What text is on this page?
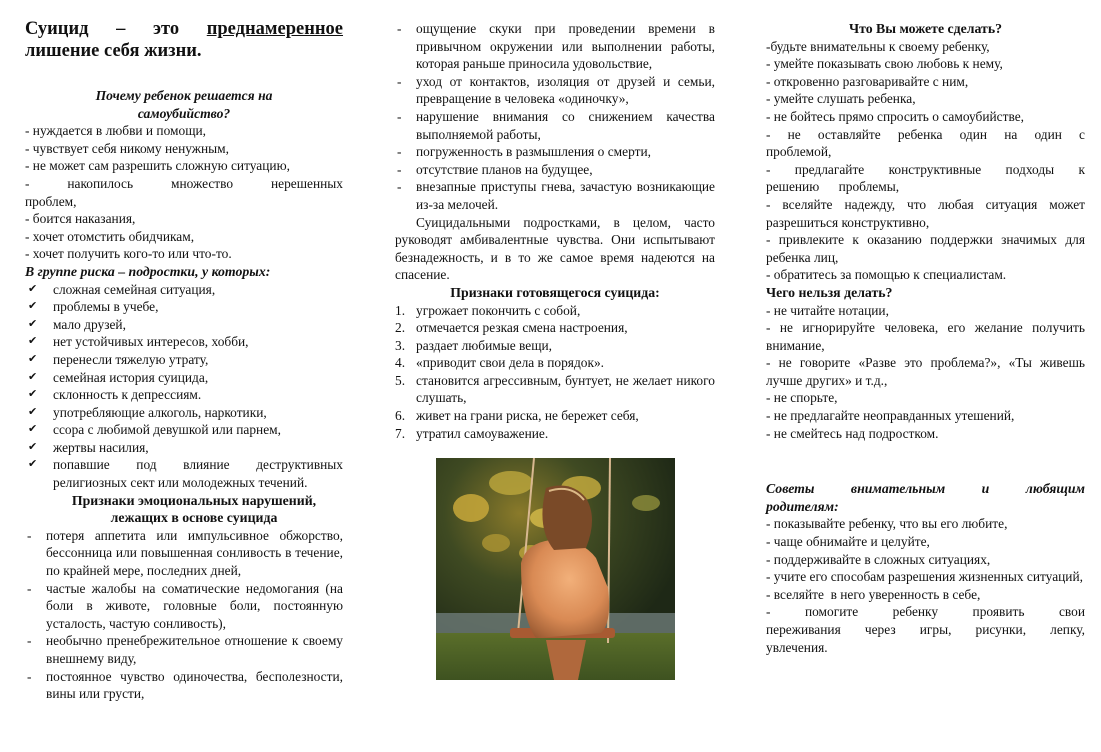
Суицид – это преднамеренное
лишение себя жизни.
Почему ребенок решается на
самоубийство?
- нуждается в любви и помощи,
- чувствует себя никому ненужным,
- не может сам разрешить сложную ситуацию,
- накопилось множество нерешенных проблем,
- боится наказания,
- хочет отомстить обидчикам,
- хочет получить кого-то или что-то.
В группе риска – подростки, у которых:
✔ сложная семейная ситуация,
✔ проблемы в учебе,
✔ мало друзей,
✔ нет устойчивых интересов, хобби,
✔ перенесли тяжелую утрату,
✔ семейная история суицида,
✔ склонность к депрессиям.
✔ употребляющие алкоголь, наркотики,
✔ ссора с любимой девушкой или парнем,
✔ жертвы насилия,
✔ попавшие под влияние деструктивных религиозных сект или молодежных течений.
Признаки эмоциональных нарушений,
лежащих в основе суицида
- потеря аппетита или импульсивное обжорство, бессонница или повышенная сонливость в течение, по крайней мере, последних дней,
- частые жалобы на соматические недомогания (на боли в животе, головные боли, постоянную усталость, частую сонливость),
- необычно пренебрежительное отношение к своему внешнему виду,
- постоянное чувство одиночества, бесполезности, вины или грусти,
- ощущение скуки при проведении времени в привычном окружении или выполнении работы, которая раньше приносила удовольствие,
- уход от контактов, изоляция от друзей и семьи, превращение в человека «одиночку»,
- нарушение внимания со снижением качества выполняемой работы,
- погруженность в размышления о смерти,
- отсутствие планов на будущее,
- внезапные приступы гнева, зачастую возникающие из-за мелочей.

Суицидальными подростками, в целом, часто руководят амбивалентные чувства. Они испытывают безнадежность, и в то же самое время надеются на спасение.

Признаки готовящегося суицида:
1. угрожает покончить с собой,
2. отмечается резкая смена настроения,
3. раздает любимые вещи,
4. «приводит свои дела в порядок».
5. становится агрессивным, бунтует, не желает никого слушать,
6. живет на грани риска, не бережет себя,
7. утратил самоуважение.
Что Вы можете сделать?
-будьте внимательны к своему ребенку,
- умейте показывать свою любовь к нему,
- откровенно разговаривайте с ним,
- умейте слушать ребенка,
- не бойтесь прямо спросить о самоубийстве,
- не оставляйте ребенка один на один с проблемой,
- предлагайте конструктивные подходы к решению проблемы,
- вселяйте надежду, что любая ситуация может разрешиться конструктивно,
- привлеките к оказанию поддержки значимых для ребенка лиц,
- обратитесь за помощью к специалистам.
Чего нельзя делать?
- не читайте нотации,
- не игнорируйте человека, его желание получить внимание,
- не говорите «Разве это проблема?», «Ты живешь лучше других» и т.д.,
- не спорьте,
- не предлагайте неоправданных утешений,
- не смейтесь над подростком.
Советы внимательным и любящим родителям:
- показывайте ребенку, что вы его любите,
- чаще обнимайте и целуйте,
- поддерживайте в сложных ситуациях,
- учите его способам разрешения жизненных ситуаций,
- вселяйте  в него уверенность в себе,
- помогите ребенку проявить свои переживания через игры, рисунки, лепку, увлечения.
